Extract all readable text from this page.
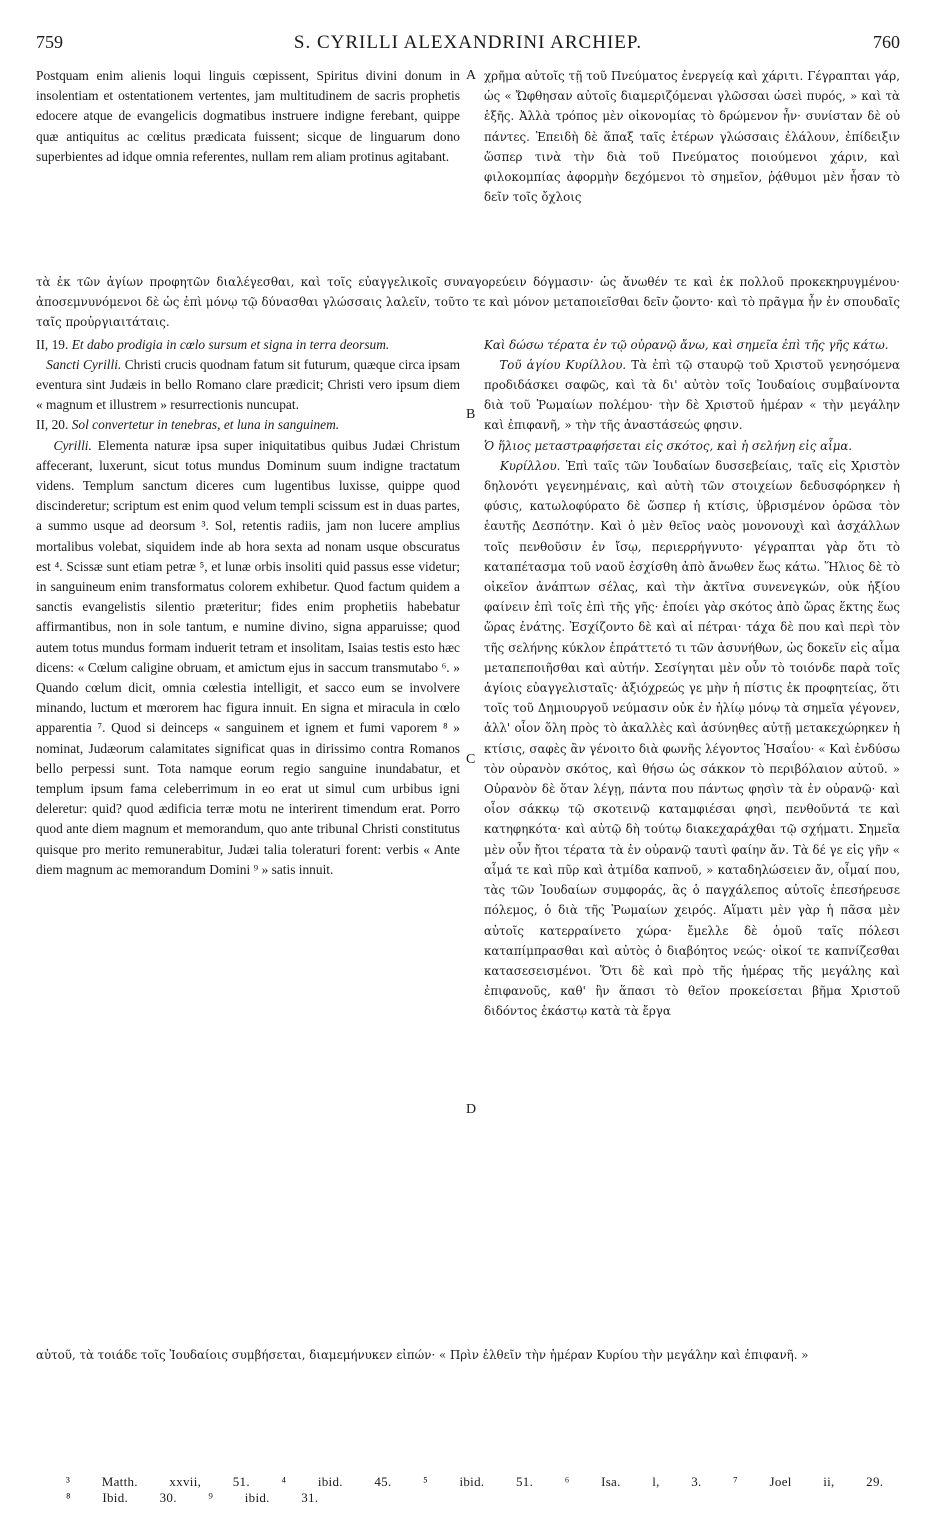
759	S. CYRILLI ALEXANDRINI ARCHIEP.	760

Postquam enim alienis loqui linguis cœpissent, Spiritus divini donum in insolentiam et ostentationem vertentes, jam multitudinem de sacris prophetis edocere atque de evangelicis dogmatibus instruere indigne ferebant, quippe quæ antiquitus ac cœlitus prædicata fuissent; sicque de linguarum dono superbientes ad idque omnia referentes, nullam rem aliam protinus agitabant.

A χρῆμα αὐτοῖς τῇ τοῦ Πνεύματος ἐνεργείᾳ καὶ χάριτι. Γέγραπται γάρ, ὡς « Ὤφθησαν αὐτοῖς διαμεριζόμεναι γλῶσσαι ὡσεὶ πυρός, » καὶ τὰ ἑξῆς. Ἀλλὰ τρόπος μὲν οἰκονομίας τὸ δρώμενον ἦν· συνίσταν δὲ οὐ πάντες. Ἐπειδὴ δὲ ἅπαξ ταῖς ἑτέρων γλώσσαις ἐλάλουν, ἐπίδειξιν ὥσπερ τινὰ τὴν διὰ τοῦ Πνεύματος ποιούμενοι χάριν, καὶ φιλοκομπίας ἀφορμὴν δεχόμενοι τὸ σημεῖον, ῥᾴθυμοι μὲν ἦσαν τὸ δεῖν τοῖς ὄχλοις

τὰ ἐκ τῶν ἁγίων προφητῶν διαλέγεσθαι, καὶ τοῖς εὐαγγελικοῖς συναγορεύειν δόγμασιν· ὡς ἄνωθέν τε καὶ ἐκ πολλοῦ προκεκηρυγμένου· ἀποσεμνυνόμενοι δὲ ὡς ἐπὶ μόνῳ τῷ δύνασθαι γλώσσαις λαλεῖν, τοῦτο τε καὶ μόνον μεταποιεῖσθαι δεῖν ᾤοντο· καὶ τὸ πρᾶγμα ἦν ἐν σπουδαῖς ταῖς προὐργιαιτάταις.

II, 19. Et dabo prodigia in cœlo sursum et signa in terra deorsum.

Sancti Cyrilli. Christi crucis quodnam fatum sit futurum, quæque circa ipsam eventura sint Judæis in bello Romano clare prædicit; Christi vero ipsum diem « magnum et illustrem » resurrectionis nuncupat.

II, 20. Sol convertetur in tenebras, et luna in sanguinem.

Cyrilli. Elementa naturæ ipsa super iniquitatibus quibus Judæi Christum affecerant, luxerunt, sicut totus mundus Dominum suum indigne tractatum videns. Templum sanctum diceres cum lugentibus luxisse, quippe quod discinderetur; scriptum est enim quod velum templi scissum est in duas partes, a summo usque ad deorsum ³. Sol, retentis radiis, jam non lucere amplius mortalibus volebat, siquidem inde ab hora sexta ad nonam usque obscuratus est ⁴. Scissæ sunt etiam petræ ⁵, et lunæ orbis insoliti quid passus esse videtur; in sanguineum enim transformatus colorem exhibetur. Quod factum quidem a sanctis evangelistis silentio præteritur; fides enim prophetiis habebatur affirmantibus, non in sole tantum, e numine divino, signa apparuisse; quod autem totus mundus formam induerit tetram et insolitam, Isaias testis esto hæc dicens: « Cœlum caligine obruam, et amictum ejus in saccum transmutabo ⁶. » Quando cœlum dicit, omnia cœlestia intelligit, et sacco eum se involvere minando, luctum et mœrorem hac figura innuit. En signa et miracula in cœlo apparentia ⁷. Quod si deinceps « sanguinem et ignem et fumi vaporem ⁸ » nominat, Judæorum calamitates significat quas in dirissimo contra Romanos bello perpessi sunt. Tota namque eorum regio sanguine inundabatur, et templum ipsum fama celeberrimum in eo erat ut simul cum urbibus igni deleretur: quid? quod ædificia terræ motu ne interirent timendum erat. Porro quod ante diem magnum et memorandum, quo ante tribunal Christi constitutus quisque pro merito remunerabitur, Judæi talia toleraturi forent: verbis « Ante diem magnum ac memorandum Domini ⁹ » satis innuit.

B
C
D

Καὶ δώσω τέρατα ἐν τῷ οὐρανῷ ἄνω, καὶ σημεῖα ἐπὶ τῆς γῆς κάτω.

Τοῦ ἁγίου Κυρίλλου. Τὰ ἐπὶ τῷ σταυρῷ τοῦ Χριστοῦ γενησόμενα προδιδάσκει σαφῶς, καὶ τὰ δι' αὐτὸν τοῖς Ἰουδαίοις συμβαίνοντα διὰ τοῦ Ῥωμαίων πολέμου· τὴν δὲ Χριστοῦ ἡμέραν « τὴν μεγάλην καὶ ἐπιφανῆ, » τὴν τῆς ἀναστάσεώς φησιν.

Ὁ ἥλιος μεταστραφήσεται εἰς σκότος, καὶ ἡ σελήνη εἰς αἷμα.

Κυρίλλου. Ἐπὶ ταῖς τῶν Ἰουδαίων δυσσεβείαις, ταῖς εἰς Χριστὸν δηλονότι γεγενημέναις, καὶ αὐτὴ τῶν στοιχείων δεδυσφόρηκεν ἡ φύσις, κατωλοφύρατο δὲ ὥσπερ ἡ κτίσις, ὑβρισμένον ὁρῶσα τὸν ἑαυτῆς Δεσπότην. Καὶ ὁ μὲν θεῖος ναὸς μονονουχὶ καὶ ἀσχάλλων τοῖς πενθοῦσιν ἐν ἴσῳ, περιερρήγνυτο· γέγραπται γὰρ ὅτι τὸ καταπέτασμα τοῦ ναοῦ ἐσχίσθη ἀπὸ ἄνωθεν ἕως κάτω. Ἥλιος δὲ τὸ οἰκεῖον ἀνάπτων σέλας, καὶ τὴν ἀκτῖνα συνενεγκών, οὐκ ἠξίου φαίνειν ἐπὶ τοῖς ἐπὶ τῆς γῆς· ἐποίει γὰρ σκότος ἀπὸ ὥρας ἕκτης ἕως ὥρας ἐνάτης. Ἐσχίζοντο δὲ καὶ αἱ πέτραι· τάχα δὲ που καὶ περὶ τὸν τῆς σελήνης κύκλον ἐπράττετό τι τῶν ἀσυνήθων, ὡς δοκεῖν εἰς αἷμα μεταπεποιῆσθαι καὶ αὐτήν. Σεσίγηται μὲν οὖν τὸ τοιόνδε παρὰ τοῖς ἁγίοις εὐαγγελισταῖς· ἀξιόχρεώς γε μὴν ἡ πίστις ἐκ προφητείας, ὅτι τοῖς τοῦ Δημιουργοῦ νεύμασιν οὐκ ἐν ἡλίῳ μόνῳ τὰ σημεῖα γέγονεν, ἀλλ' οἷον ὅλη πρὸς τὸ ἀκαλλὲς καὶ ἀσύνηθες αὐτῇ μετακεχώρηκεν ἡ κτίσις, σαφὲς ἂν γένοιτο διὰ φωνῆς λέγοντος Ἡσαΐου· « Καὶ ἐνδύσω τὸν οὐρανὸν σκότος, καὶ θήσω ὡς σάκκον τὸ περιβόλαιον αὐτοῦ. » Οὐρανὸν δὲ ὅταν λέγῃ, πάντα που πάντως φησὶν τὰ ἐν οὐρανῷ· καὶ οἷον σάκκῳ τῷ σκοτεινῷ καταμφιέσαι φησὶ, πενθοῦντά τε καὶ κατηφηκότα· καὶ αὐτῷ δὴ τούτῳ διακεχαράχθαι τῷ σχήματι. Σημεῖα μὲν οὖν ἤτοι τέρατα τὰ ἐν οὐρανῷ ταυτὶ φαίην ἄν. Τὰ δέ γε εἰς γῆν « αἷμά τε καὶ πῦρ καὶ ἀτμίδα καπνοῦ, » καταδηλώσειεν ἄν, οἶμαί που, τὰς τῶν Ἰουδαίων συμφοράς, ἃς ὁ παγχάλεπος αὐτοῖς ἐπεσήρευσε πόλεμος, ὁ διὰ τῆς Ῥωμαίων χειρός. Αἵματι μὲν γὰρ ἡ πᾶσα μὲν αὐτοῖς κατερραίνετο χώρα· ἔμελλε δὲ ὁμοῦ ταῖς πόλεσι καταπίμπρασθαι καὶ αὐτὸς ὁ διαβόητος νεώς· οἰκοί τε καπνίζεσθαι κατασεσεισμένοι. Ὅτι δὲ καὶ πρὸ τῆς ἡμέρας τῆς μεγάλης καὶ ἐπιφανοῦς, καθ' ἣν ἅπασι τὸ θεῖον προκείσεται βῆμα Χριστοῦ διδόντος ἑκάστῳ κατὰ τὰ ἔργα

αὐτοῦ, τὰ τοιάδε τοῖς Ἰουδαίοις συμβήσεται, διαμεμήνυκεν εἰπών· « Πρὶν ἐλθεῖν τὴν ἡμέραν Κυρίου τὴν μεγάλην καὶ ἐπιφανῆ. »

³ Matth. xxvii, 51. ⁴ ibid. 45. ⁵ ibid. 51. ⁶ Isa. l, 3. ⁷ Joel ii, 29. ⁸ Ibid. 30. ⁹ ibid. 31.
